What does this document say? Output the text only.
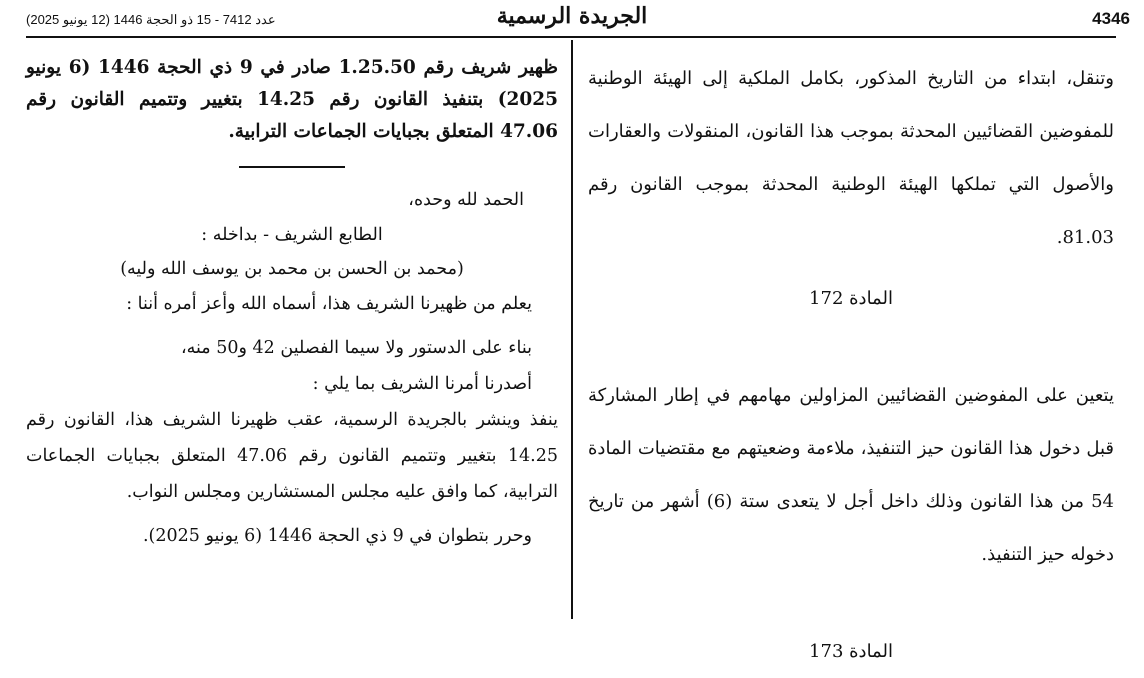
4346
الجريدة الرسمية
عدد 7412 - 15 ذو الحجة 1446 (12 يونيو 2025)

وتنقل، ابتداء من التاريخ المذكور، بكامل الملكية إلى الهيئة الوطنية للمفوضين القضائيين المحدثة بموجب هذا القانون، المنقولات والعقارات والأصول التي تملكها الهيئة الوطنية المحدثة بموجب القانون رقم 81.03.

المادة 172

يتعين على المفوضين القضائيين المزاولين مهامهم في إطار المشاركة قبل دخول هذا القانون حيز التنفيذ، ملاءمة وضعيتهم مع مقتضيات المادة 54 من هذا القانون وذلك داخل أجل لا يتعدى ستة (6) أشهر من تاريخ دخوله حيز التنفيذ.

المادة 173

ظهير شريف رقم 1.25.50 صادر في 9 ذي الحجة 1446 (6 يونيو 2025) بتنفيذ القانون رقم 14.25 بتغيير وتتميم القانون رقم 47.06 المتعلق بجبايات الجماعات الترابية.

الحمد لله وحده،

الطابع الشريف - بداخله :

(محمد بن الحسن بن محمد بن يوسف الله وليه)

يعلم من ظهيرنا الشريف هذا، أسماه الله وأعز أمره أننا :

بناء على الدستور ولا سيما الفصلين 42 و50 منه،

أصدرنا أمرنا الشريف بما يلي :

ينفذ وينشر بالجريدة الرسمية، عقب ظهيرنا الشريف هذا، القانون رقم 14.25 بتغيير وتتميم القانون رقم 47.06 المتعلق بجبايات الجماعات الترابية، كما وافق عليه مجلس المستشارين ومجلس النواب.

وحرر بتطوان في 9 ذي الحجة 1446 (6 يونيو 2025).
